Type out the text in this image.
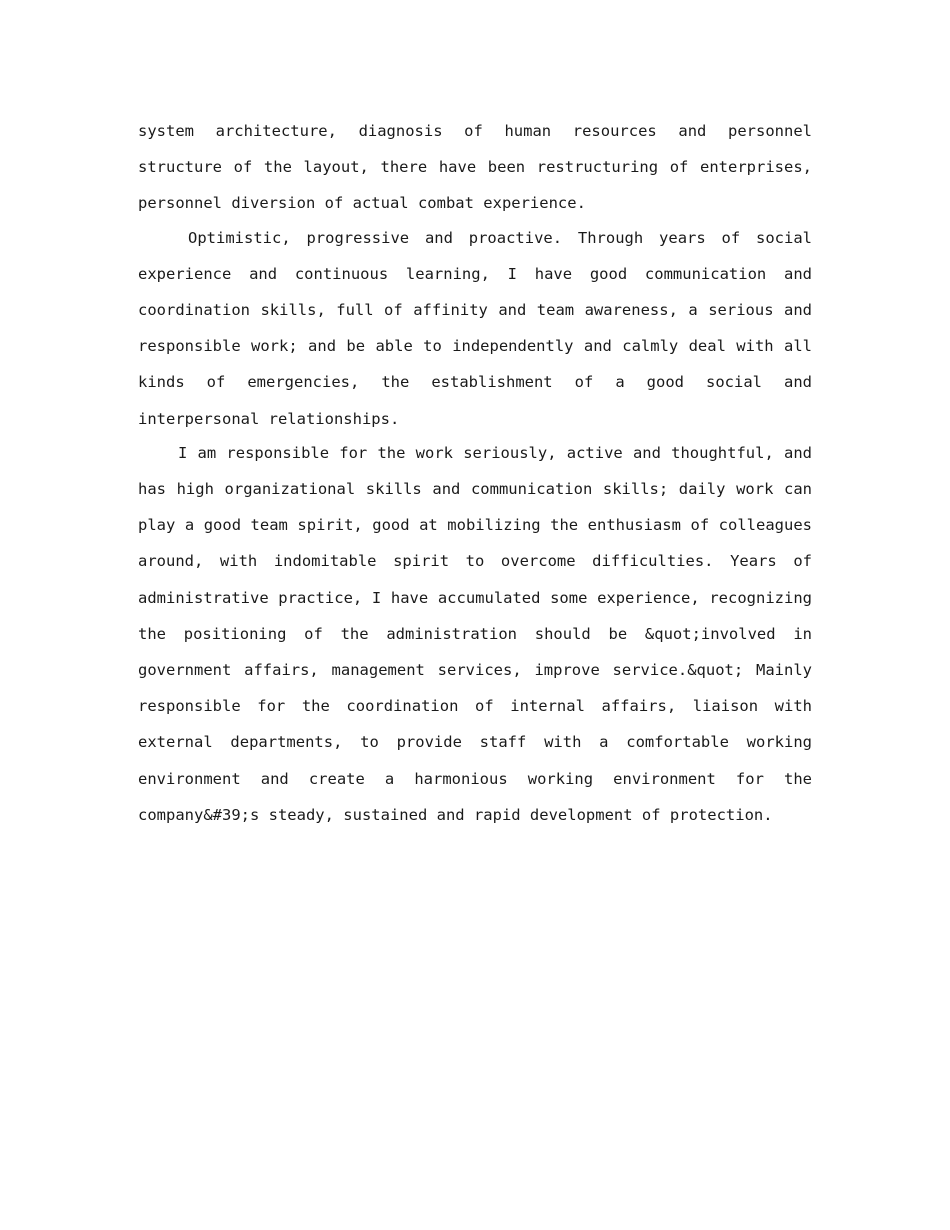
system architecture, diagnosis of human resources and personnel structure of the layout, there have been restructuring of enterprises, personnel diversion of actual combat experience.

Optimistic, progressive and proactive. Through years of social experience and continuous learning, I have good communication and coordination skills, full of affinity and team awareness, a serious and responsible work; and be able to independently and calmly deal with all kinds of emergencies, the establishment of a good social and interpersonal relationships.

I am responsible for the work seriously, active and thoughtful, and has high organizational skills and communication skills; daily work can play a good team spirit, good at mobilizing the enthusiasm of colleagues around, with indomitable spirit to overcome difficulties. Years of administrative practice, I have accumulated some experience, recognizing the positioning of the administration should be &quot;involved in government affairs, management services, improve service.&quot; Mainly responsible for the coordination of internal affairs, liaison with external departments, to provide staff with a comfortable working environment and create a harmonious working environment for the company&#39;s steady, sustained and rapid development of protection.
